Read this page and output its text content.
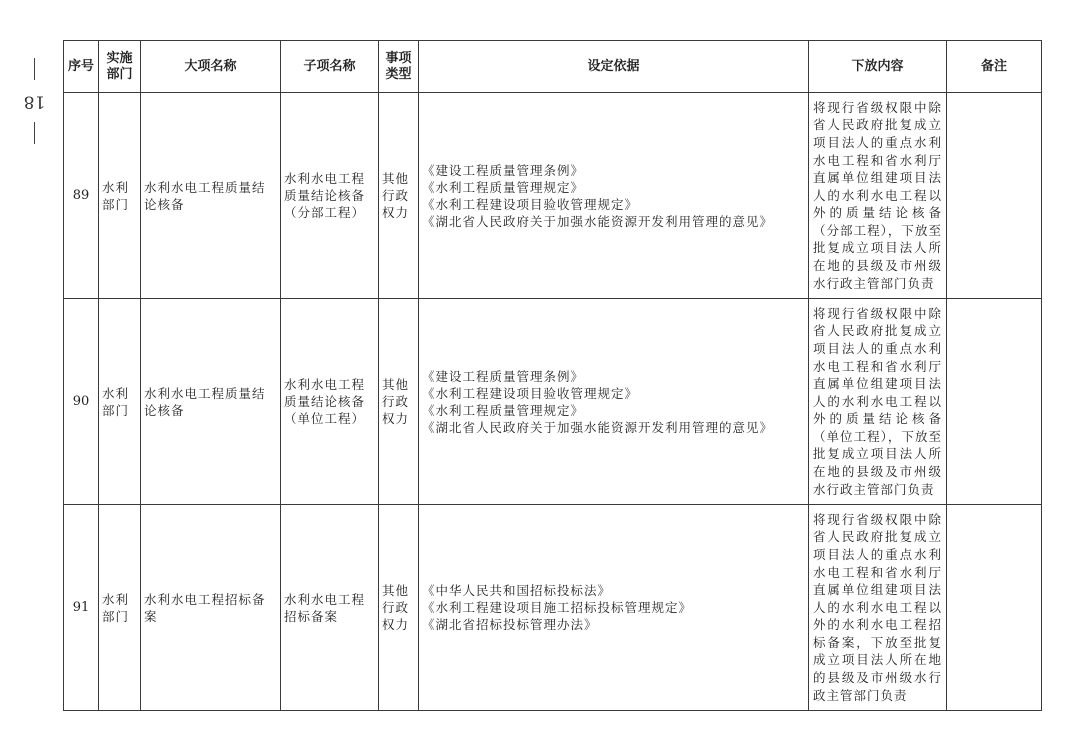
18
序号	实施部门	大项名称	子项名称	事项类型	设定依据	下放内容	备注
89	水利部门	水利水电工程质量结论核备	水利水电工程质量结论核备（分部工程）	其他行政权力	《建设工程质量管理条例》
《水利工程质量管理规定》
《水利工程建设项目验收管理规定》
《湖北省人民政府关于加强水能资源开发利用管理的意见》	将现行省级权限中除省人民政府批复成立项目法人的重点水利水电工程和省水利厅直属单位组建项目法人的水利水电工程以外的质量结论核备（分部工程），下放至批复成立项目法人所在地的县级及市州级水行政主管部门负责	
90	水利部门	水利水电工程质量结论核备	水利水电工程质量结论核备（单位工程）	其他行政权力	《建设工程质量管理条例》
《水利工程建设项目验收管理规定》
《水利工程质量管理规定》
《湖北省人民政府关于加强水能资源开发利用管理的意见》	将现行省级权限中除省人民政府批复成立项目法人的重点水利水电工程和省水利厅直属单位组建项目法人的水利水电工程以外的质量结论核备（单位工程），下放至批复成立项目法人所在地的县级及市州级水行政主管部门负责	
91	水利部门	水利水电工程招标备案	水利水电工程招标备案	其他行政权力	《中华人民共和国招标投标法》
《水利工程建设项目施工招标投标管理规定》
《湖北省招标投标管理办法》	将现行省级权限中除省人民政府批复成立项目法人的重点水利水电工程和省水利厅直属单位组建项目法人的水利水电工程以外的水利水电工程招标备案，下放至批复成立项目法人所在地的县级及市州级水行政主管部门负责	
